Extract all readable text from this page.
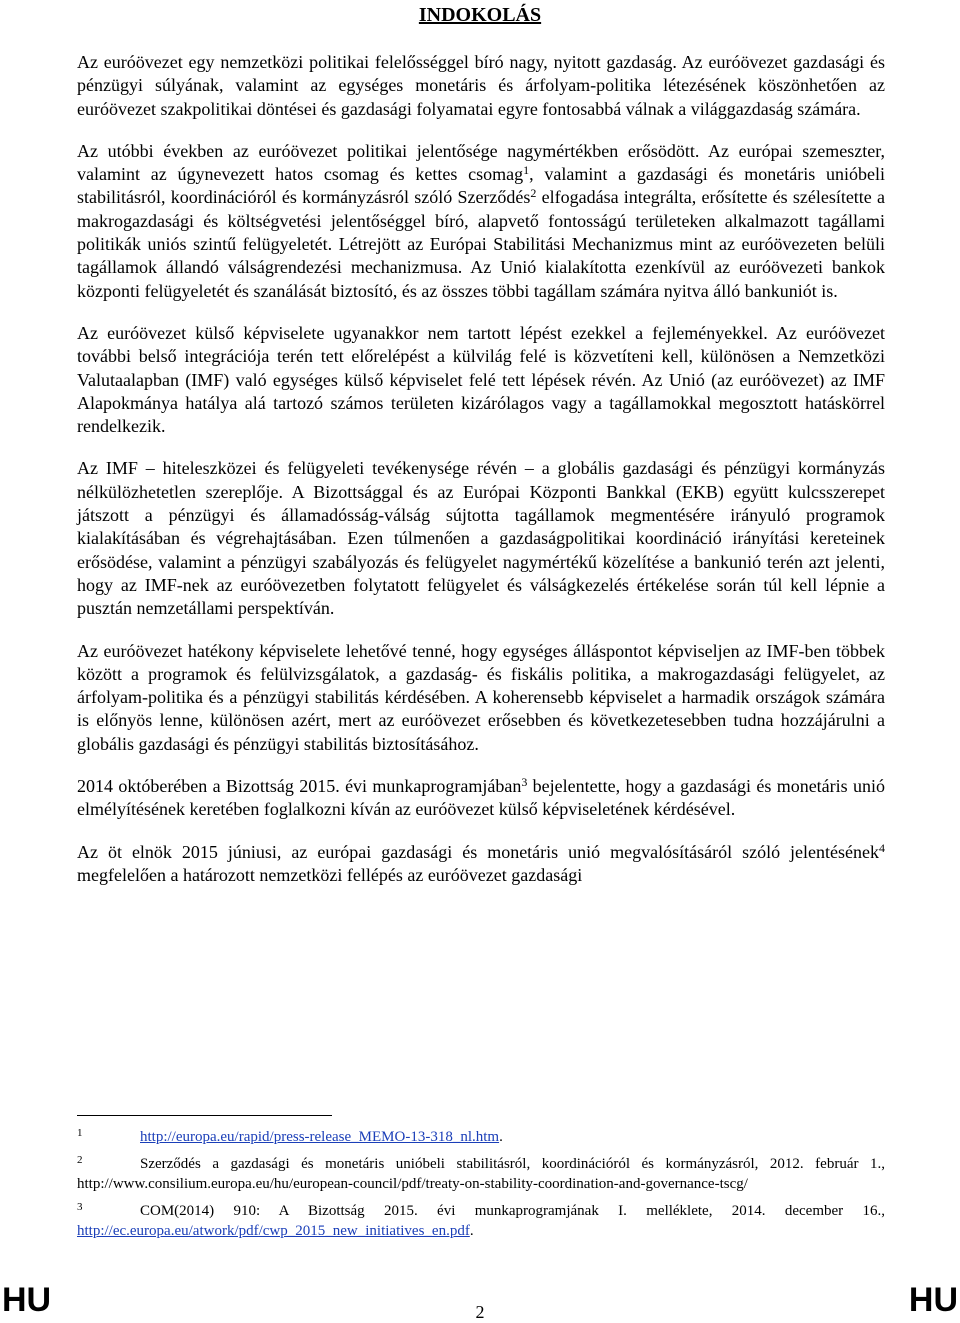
INDOKOLÁS

Az euróövezet egy nemzetközi politikai felelősséggel bíró nagy, nyitott gazdaság. Az euróövezet gazdasági és pénzügyi súlyának, valamint az egységes monetáris és árfolyam-politika létezésének köszönhetően az euróövezet szakpolitikai döntései és gazdasági folyamatai egyre fontosabbá válnak a világgazdaság számára.

Az utóbbi években az euróövezet politikai jelentősége nagymértékben erősödött. Az európai szemeszter, valamint az úgynevezett hatos csomag és kettes csomag$^1$, valamint a gazdasági és monetáris unióbeli stabilitásról, koordinációról és kormányzásról szóló Szerződés$^2$ elfogadása integrálta, erősítette és szélesítette a makrogazdasági és költségvetési jelentőséggel bíró, alapvető fontosságú területeken alkalmazott tagállami politikák uniós szintű felügyeletét. Létrejött az Európai Stabilitási Mechanizmus mint az euróövezeten belüli tagállamok állandó válságrendezési mechanizmusa. Az Unió kialakította ezenkívül az euróövezeti bankok központi felügyeletét és szanálását biztosító, és az összes többi tagállam számára nyitva álló bankuniót is.

Az euróövezet külső képviselete ugyanakkor nem tartott lépést ezekkel a fejleményekkel. Az euróövezet további belső integrációja terén tett előrelépést a külvilág felé is közvetíteni kell, különösen a Nemzetközi Valutaalapban (IMF) való egységes külső képviselet felé tett lépések révén. Az Unió (az euróövezet) az IMF Alapokmánya hatálya alá tartozó számos területen kizárólagos vagy a tagállamokkal megosztott hatáskörrel rendelkezik.

Az IMF – hiteleszközei és felügyeleti tevékenysége révén – a globális gazdasági és pénzügyi kormányzás nélkülözhetetlen szereplője. A Bizottsággal és az Európai Központi Bankkal (EKB) együtt kulcsszerepet játszott a pénzügyi és államadósság-válság sújtotta tagállamok megmentésére irányuló programok kialakításában és végrehajtásában. Ezen túlmenően a gazdaságpolitikai koordináció irányítási kereteinek erősödése, valamint a pénzügyi szabályozás és felügyelet nagymértékű közelítése a bankunió terén azt jelenti, hogy az IMF-nek az euróövezetben folytatott felügyelet és válságkezelés értékelése során túl kell lépnie a pusztán nemzetállami perspektíván.

Az euróövezet hatékony képviselete lehetővé tenné, hogy egységes álláspontot képviseljen az IMF-ben többek között a programok és felülvizsgálatok, a gazdaság- és fiskális politika, a makrogazdasági felügyelet, az árfolyam-politika és a pénzügyi stabilitás kérdésében. A koherensebb képviselet a harmadik országok számára is előnyös lenne, különösen azért, mert az euróövezet erősebben és következetesebben tudna hozzájárulni a globális gazdasági és pénzügyi stabilitás biztosításához.

2014 októberében a Bizottság 2015. évi munkaprogramjában$^3$ bejelentette, hogy a gazdasági és monetáris unió elmélyítésének keretében foglalkozni kíván az euróövezet külső képviseletének kérdésével.

Az öt elnök 2015 júniusi, az európai gazdasági és monetáris unió megvalósításáról szóló jelentésének$^4$ megfelelően a határozott nemzetközi fellépés az euróövezet gazdasági

1	http://europa.eu/rapid/press-release_MEMO-13-318_nl.htm.
2	Szerződés a gazdasági és monetáris unióbeli stabilitásról, koordinációról és kormányzásról, 2012. február 1., http://www.consilium.europa.eu/hu/european-council/pdf/treaty-on-stability-coordination-and-governance-tscg/
3	COM(2014) 910: A Bizottság 2015. évi munkaprogramjának I. melléklete, 2014. december 16., http://ec.europa.eu/atwork/pdf/cwp_2015_new_initiatives_en.pdf.
HU	2	HU
